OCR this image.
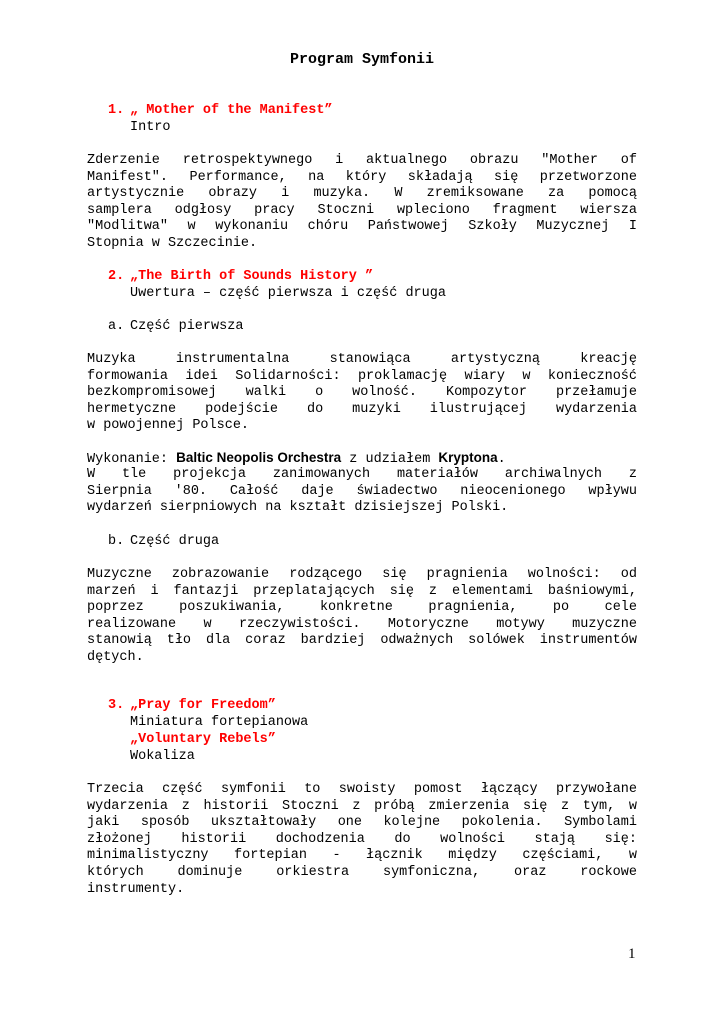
Program Symfonii
1. „ Mother of the Manifest”
Intro
Zderzenie retrospektywnego i aktualnego obrazu "Mother of
Manifest". Performance, na który składają się przetworzone
artystycznie obrazy i muzyka. W zremiksowane za pomocą
samplera odgłosy pracy Stoczni wpleciono fragment wiersza
"Modlitwa" w wykonaniu chóru Państwowej Szkoły Muzycznej I
Stopnia w Szczecinie.
2. „The Birth of Sounds History ”
Uwertura – część pierwsza i część druga
a. Część pierwsza
Muzyka instrumentalna stanowiąca artystyczną kreację
formowania idei Solidarności: proklamację wiary w konieczność
bezkompromisowej walki o wolność. Kompozytor przełamuje
hermetyczne podejście do muzyki ilustrującej wydarzenia
w powojennej Polsce.
Wykonanie: Baltic Neopolis Orchestra z udziałem Kryptona.
W tle projekcja zanimowanych materiałów archiwalnych z
Sierpnia '80. Całość daje świadectwo nieocenionego wpływu
wydarzeń sierpniowych na kształt dzisiejszej Polski.
b. Część druga
Muzyczne zobrazowanie rodzącego się pragnienia wolności: od
marzeń i fantazji przeplatających się z elementami baśniowymi,
poprzez poszukiwania, konkretne pragnienia, po cele
realizowane w rzeczywistości. Motoryczne motywy muzyczne
stanowią tło dla coraz bardziej odważnych solówek instrumentów
dętych.
3. „Pray for Freedom”
Miniatura fortepianowa
„Voluntary Rebels”
Wokaliza
Trzecia część symfonii to swoisty pomost łączący przywołane
wydarzenia z historii Stoczni z próbą zmierzenia się z tym, w
jaki sposób ukształtowały one kolejne pokolenia. Symbolami
złożonej historii dochodzenia do wolności stają się:
minimalistyczny fortepian - łącznik między częściami, w
których dominuje orkiestra symfoniczna, oraz rockowe
instrumenty.
1
